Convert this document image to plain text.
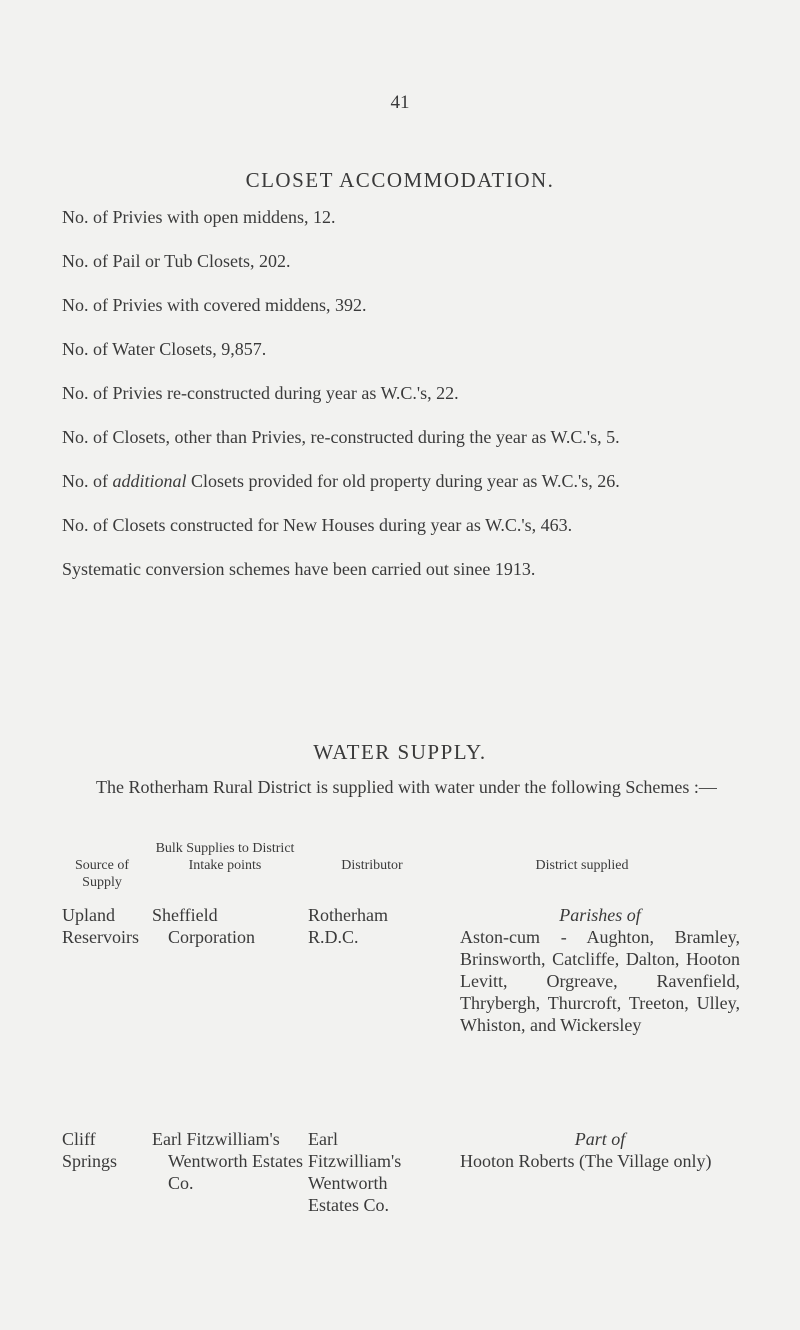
41
CLOSET ACCOMMODATION.
No. of Privies with open middens, 12.
No. of Pail or Tub Closets, 202.
No. of Privies with covered middens, 392.
No. of Water Closets, 9,857.
No. of Privies re-constructed during year as W.C.'s, 22.
No. of Closets, other than Privies, re-constructed during the year as W.C.'s, 5.
No. of additional Closets provided for old property during year as W.C.'s, 26.
No. of Closets constructed for New Houses during year as W.C.'s, 463.
Systematic conversion schemes have been carried out sinee 1913.
WATER SUPPLY.
The Rotherham Rural District is supplied with water under the following Schemes :—
Source of Supply
Bulk Supplies to District Intake points	Distributor	District supplied
Upland Reservoirs
Sheffield Corporation
Rotherham R.D.C.
Parishes of
Aston-cum - Aughton, Bramley, Brinsworth, Catcliffe, Dalton, Hooton Levitt, Orgreave, Ravenfield, Thrybergh, Thurcroft, Treeton, Ulley, Whiston, and Wickersley
Cliff Springs
Earl Fitzwilliam's Wentworth Estates Co.
Earl Fitzwilliam's Wentworth Estates Co.
Part of
Hooton Roberts (The Village only)
